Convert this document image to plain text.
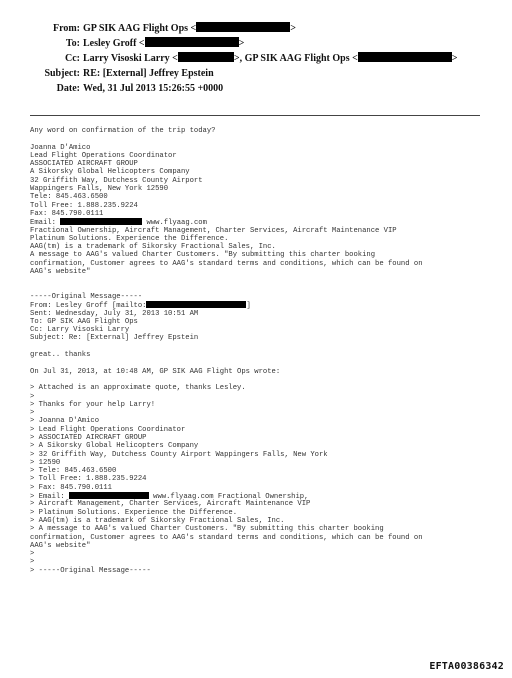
From: GP SIK AAG Flight Ops <	>
To: Lesley Groff <	>
Cc: Larry Visoski Larry <	>, GP SIK AAG Flight Ops <	>
Subject: RE: [External] Jeffrey Epstein
Date: Wed, 31 Jul 2013 15:26:55 +0000
Any word on confirmation of the trip today?
Joanna D'Amico
Lead Flight Operations Coordinator
ASSOCIATED AIRCRAFT GROUP
A Sikorsky Global Helicopters Company
32 Griffith Way, Dutchess County Airport
Wappingers Falls, New York 12590
Tele: 845.463.6500
Toll Free: 1.888.235.9224
Fax: 845.790.0111
Email:	www.flyaag.com
Fractional Ownership, Aircraft Management, Charter Services, Aircraft Maintenance VIP
Platinum Solutions. Experience the Difference.
AAG(tm) is a trademark of Sikorsky Fractional Sales, Inc.
A message to AAG's valued Charter Customers. "By submitting this charter booking
confirmation, Customer agrees to AAG's standard terms and conditions, which can be found on
AAG's website"
-----Original Message-----
From: Lesley Groff [mailto:	]
Sent: Wednesday, July 31, 2013 10:51 AM
To: GP SIK AAG Flight Ops
Cc: Larry Visoski Larry
Subject: Re: [External] Jeffrey Epstein
great.. thanks
On Jul 31, 2013, at 10:48 AM, GP SIK AAG Flight Ops wrote:
> Attached is an approximate quote, thanks Lesley.
>
> Thanks for your help Larry!
>
> Joanna D'Amico
> Lead Flight Operations Coordinator
> ASSOCIATED AIRCRAFT GROUP
> A Sikorsky Global Helicopters Company
> 32 Griffith Way, Dutchess County Airport Wappingers Falls, New York
> 12590
> Tele: 845.463.6500
> Toll Free: 1.888.235.9224
> Fax: 845.790.0111
> Email:	www.flyaag.com Fractional Ownership,
> Aircraft Management, Charter Services, Aircraft Maintenance VIP
> Platinum Solutions. Experience the Difference.
> AAG(tm) is a trademark of Sikorsky Fractional Sales, Inc.
> A message to AAG's valued Charter Customers. "By submitting this charter booking
confirmation, Customer agrees to AAG's standard terms and conditions, which can be found on
AAG's website"
>
>
> -----Original Message-----
EFTA00386342
